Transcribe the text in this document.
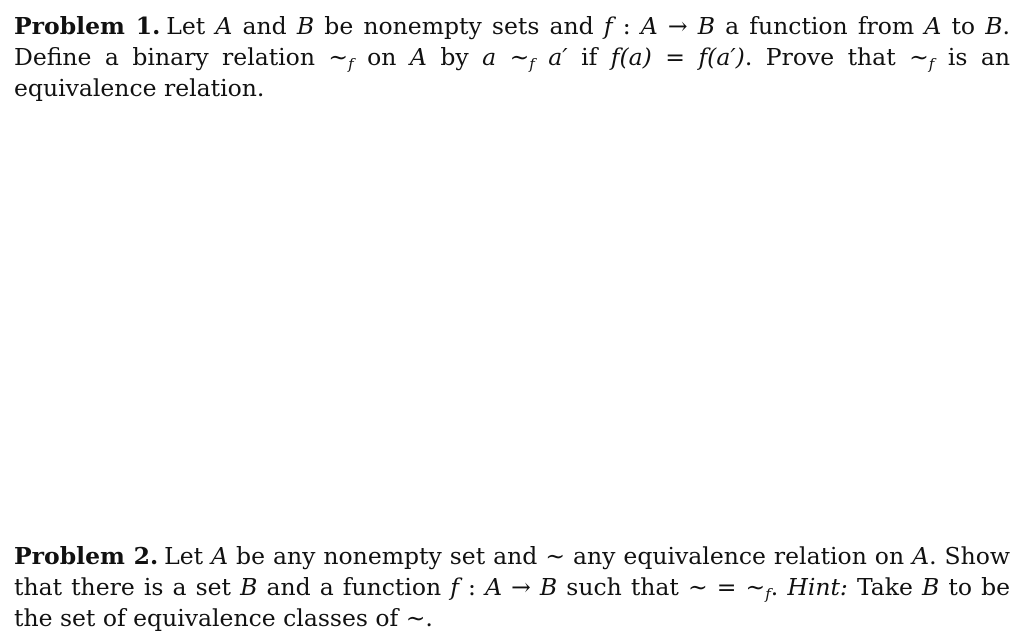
Problem 1. Let A and B be nonempty sets and f : A → B a function from A to B. Define a binary relation $\sim_f$ on A by a $\sim_f$ a′ if f(a) = f(a′). Prove that $\sim_f$ is an equivalence relation.

Problem 2. Let A be any nonempty set and ∼ any equivalence relation on A. Show that there is a set B and a function f : A → B such that ∼ = $\sim_f$. Hint: Take B to be the set of equivalence classes of ∼.
